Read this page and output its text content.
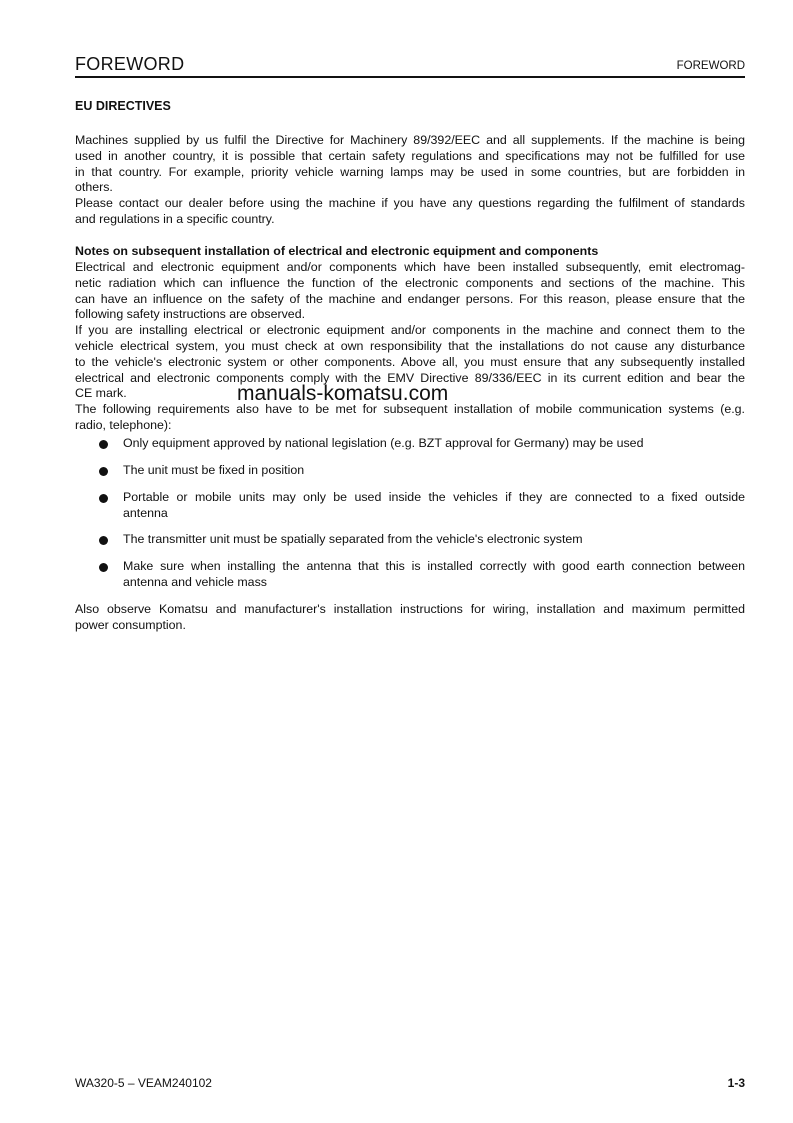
FOREWORD	FOREWORD
EU DIRECTIVES
Machines supplied by us fulfil the Directive for Machinery 89/392/EEC and all supplements. If the machine is being
used in another country, it is possible that certain safety regulations and specifications may not be fulfilled for use
in that country. For example, priority vehicle warning lamps may be used in some countries, but are forbidden in
others.
Please contact our dealer before using the machine if you have any questions regarding the fulfilment of standards
and regulations in a specific country.
Notes on subsequent installation of electrical and electronic equipment and components
Electrical and electronic equipment and/or components which have been installed subsequently, emit electromag-
netic radiation which can influence the function of the electronic components and sections of the machine. This
can have an influence on the safety of the machine and endanger persons. For this reason, please ensure that the
following safety instructions are observed.
If you are installing electrical or electronic equipment and/or components in the machine and connect them to the
vehicle electrical system, you must check at own responsibility that the installations do not cause any disturbance
to the vehicle's electronic system or other components. Above all, you must ensure that any subsequently installed
electrical and electronic components comply with the EMV Directive 89/336/EEC in its current edition and bear the
CE mark.
The following requirements also have to be met for subsequent installation of mobile communication systems (e.g.
radio, telephone):
manuals-komatsu.com
Only equipment approved by national legislation (e.g. BZT approval for Germany) may be used
The unit must be fixed in position
Portable or mobile units may only be used inside the vehicles if they are connected to a fixed outside
antenna
The transmitter unit must be spatially separated from the vehicle's electronic system
Make sure when installing the antenna that this is installed correctly with good earth connection between
antenna and vehicle mass
Also observe Komatsu and manufacturer's installation instructions for wiring, installation and maximum permitted
power consumption.
WA320-5 – VEAM240102	1-3
